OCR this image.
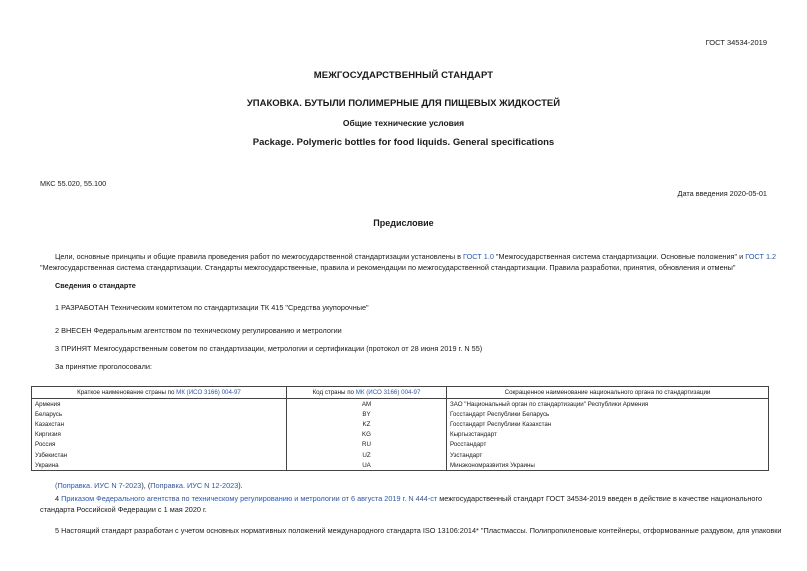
ГОСТ 34534-2019
МЕЖГОСУДАРСТВЕННЫЙ СТАНДАРТ
УПАКОВКА. БУТЫЛИ ПОЛИМЕРНЫЕ ДЛЯ ПИЩЕВЫХ ЖИДКОСТЕЙ
Общие технические условия
Package. Polymeric bottles for food liquids. General specifications
МКС 55.020, 55.100
Дата введения 2020-05-01
Предисловие
Цели, основные принципы и общие правила проведения работ по межгосударственной стандартизации установлены в ГОСТ 1.0 "Межгосударственная система стандартизации. Основные положения" и ГОСТ 1.2
"Межгосударственная система стандартизации. Стандарты межгосударственные, правила и рекомендации по межгосударственной стандартизации. Правила разработки, принятия, обновления и отмены"
Сведения о стандарте
1 РАЗРАБОТАН Техническим комитетом по стандартизации ТК 415 "Средства укупорочные"
2 ВНЕСЕН Федеральным агентством по техническому регулированию и метрологии
3 ПРИНЯТ Межгосударственным советом по стандартизации, метрологии и сертификации (протокол от 28 июня 2019 г. N 55)
За принятие проголосовали:
Краткое наименование страны по МК (ИСО 3166) 004-97	Код страны по МК (ИСО 3166) 004-97	Сокращенное наименование национального органа по стандартизации
Армения	AM	ЗАО "Национальный орган по стандартизации" Республики Армения
Беларусь	BY	Госстандарт Республики Беларусь
Казахстан	KZ	Госстандарт Республики Казахстан
Киргизия	KG	Кыргызстандарт
Россия	RU	Росстандарт
Узбекистан	UZ	Узстандарт
Украина	UA	Минэкономразвития Украины
(Поправка. ИУС N 7-2023), (Поправка. ИУС N 12-2023).
4 Приказом Федерального агентства по техническому регулированию и метрологии от 6 августа 2019 г. N 444-ст межгосударственный стандарт ГОСТ 34534-2019 введен в действие в качестве национального
стандарта Российской Федерации с 1 мая 2020 г.
5 Настоящий стандарт разработан с учетом основных нормативных положений международного стандарта ISO 13106:2014* "Пластмассы. Полипропиленовые контейнеры, отформованные раздувом, для упаковки
